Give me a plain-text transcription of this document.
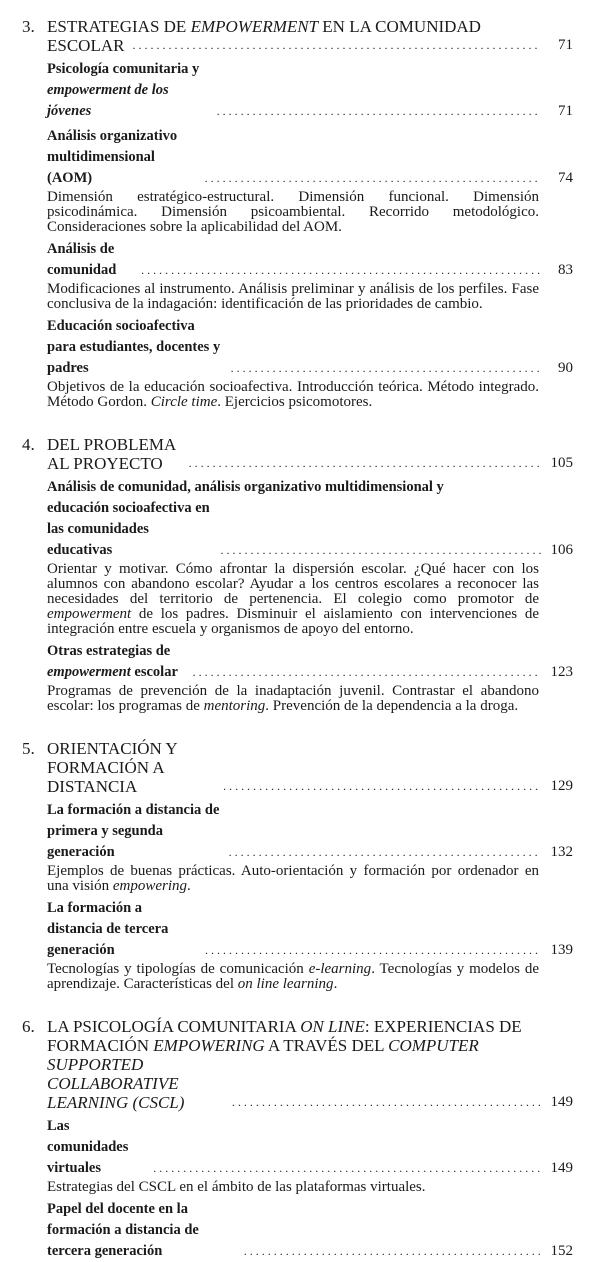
3. ESTRATEGIAS DE EMPOWERMENT EN LA COMUNIDAD
ESCOLAR . . .	71
Psicología comunitaria y empowerment de los jóvenes . . .	71
Análisis organizativo multidimensional (AOM) . . .	74
Dimensión estratégico-estructural. Dimensión funcional. Dimensión psicodinámica. Dimensión psicoambiental. Recorrido metodológico. Consideraciones sobre la aplicabilidad del AOM.
Análisis de comunidad . . .	83
Modificaciones al instrumento. Análisis preliminar y análisis de los perfiles. Fase conclusiva de la indagación: identificación de las prioridades de cambio.
Educación socioafectiva para estudiantes, docentes y padres . . .	90
Objetivos de la educación socioafectiva. Introducción teórica. Método integrado. Método Gordon. Circle time. Ejercicios psicomotores.
4. DEL PROBLEMA AL PROYECTO . . .	105
Análisis de comunidad, análisis organizativo multidimensional y
educación socioafectiva en las comunidades educativas . . .	106
Orientar y motivar. Cómo afrontar la dispersión escolar. ¿Qué hacer con los alumnos con abandono escolar? Ayudar a los centros escolares a reconocer las necesidades del territorio de pertenencia. El colegio como promotor de empowerment de los padres. Disminuir el aislamiento con intervenciones de integración entre escuela y organismos de apoyo del entorno.
Otras estrategias de empowerment escolar . . .	123
Programas de prevención de la inadaptación juvenil. Contrastar el abandono escolar: los programas de mentoring. Prevención de la dependencia a la droga.
5. ORIENTACIÓN Y FORMACIÓN A DISTANCIA . . .	129
La formación a distancia de primera y segunda generación . . .	132
Ejemplos de buenas prácticas. Auto-orientación y formación por ordenador en una visión empowering.
La formación a distancia de tercera generación . . .	139
Tecnologías y tipologías de comunicación e-learning. Tecnologías y modelos de aprendizaje. Características del on line learning.
6. LA PSICOLOGÍA COMUNITARIA ON LINE: EXPERIENCIAS DE
FORMACIÓN EMPOWERING A TRAVÉS DEL COMPUTER
SUPPORTED COLLABORATIVE LEARNING (CSCL) . . .	149
Las comunidades virtuales . . .	149
Estrategias del CSCL en el ámbito de las plataformas virtuales.
Papel del docente en la formación a distancia de tercera generación . . .	152
